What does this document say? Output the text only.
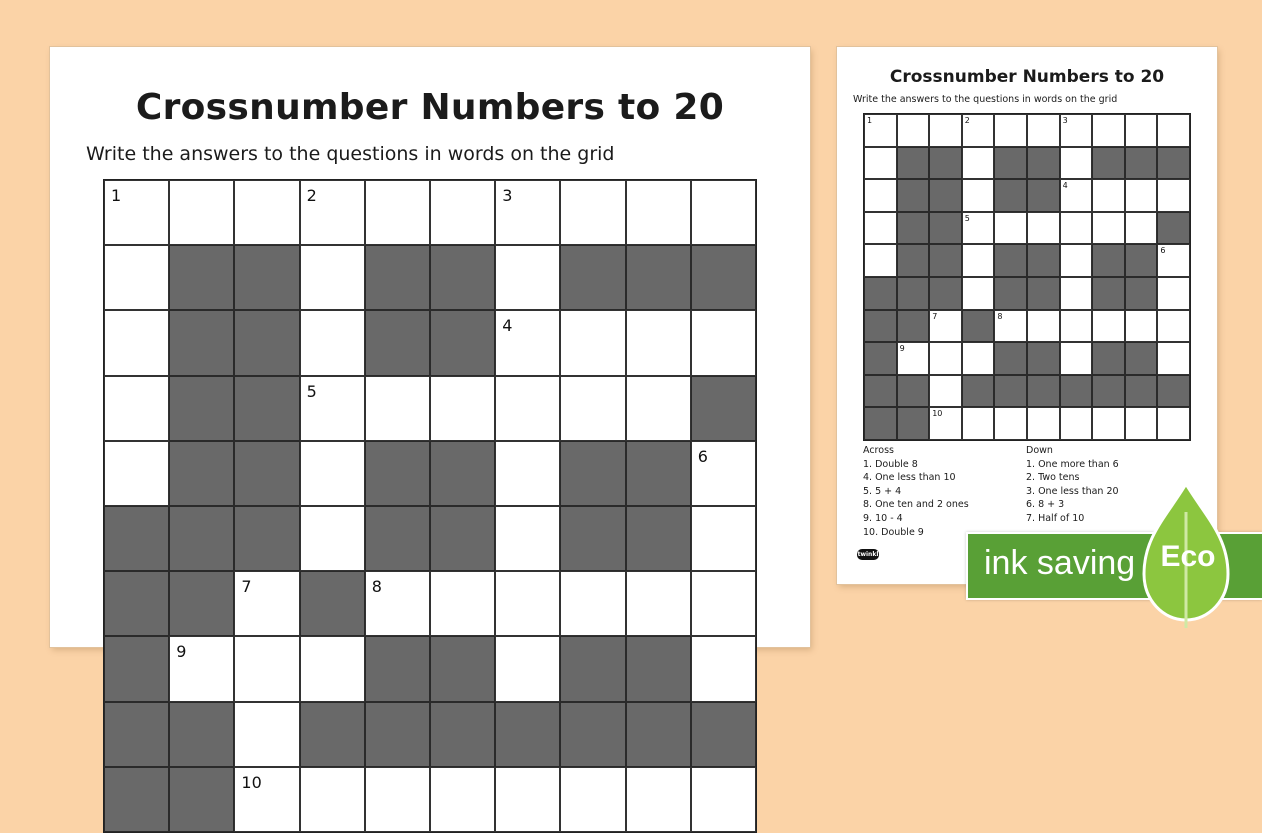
Crossnumber Numbers to 20
Write the answers to the questions in words on the grid
1	2	3
4
5
6
7	8
9
10
Crossnumber Numbers to 20
Write the answers to the questions in words on the grid
1	2	3
4
5
6
7	8
9
10
Across
1. Double 8
4. One less than 10
5. 5 + 4
8. One ten and 2 ones
9. 10 - 4
10. Double 9
Down
1. One more than 6
2. Two tens
3. One less than 20
6. 8 + 3
7. Half of 10
twinkl	ink saving Eco
